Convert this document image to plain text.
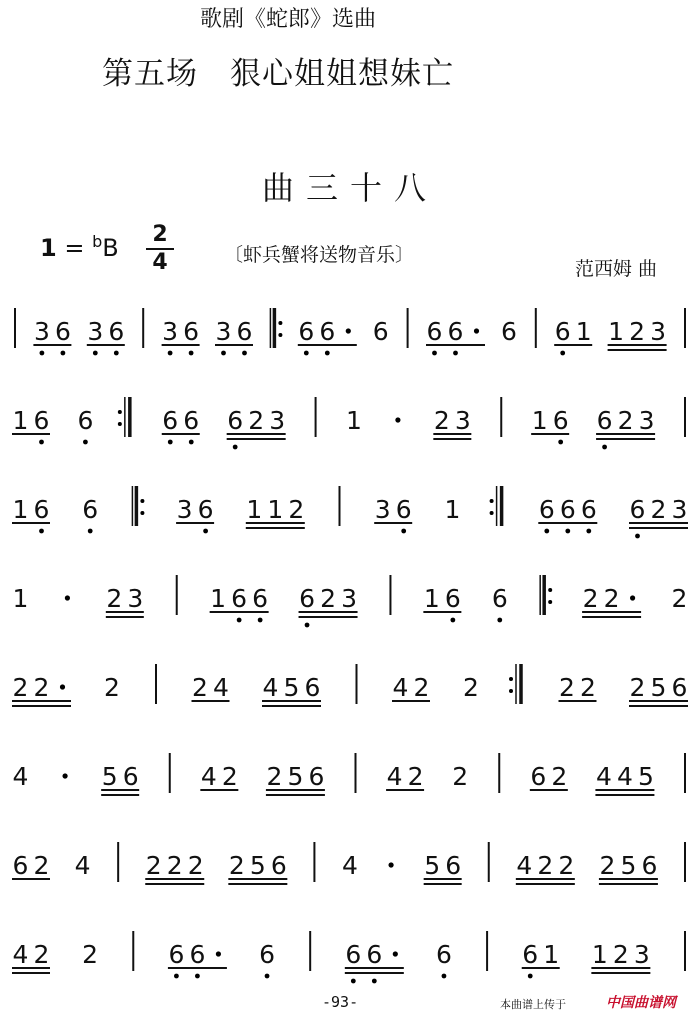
歌剧《蛇郎》选曲
第五场　狠心姐姐想妹亡
曲三十八
1 = $^b$B 2
4	〔虾兵蟹将送物音乐〕
范西姆 曲
3 6 3 6 3 6 3 6 6 6 6 6 6 6 6 1 1 2 3
1 6 6	6 6 6 2 3 1	2 3 1 6 6 2 3
1 6 6	3 6 1 1 2	3 6 1	6 6 6 6 2 3
1	2 3	1 6 6 6 2 3	1 6 6	2 2 2
2 2 2	2 4 4 5 6	4 2 2	2 2 2 5 6
4	5 6 4 2 2 5 6 4 2 2 6 2 4 4 5
6 2 4 2 2 2 2 5 6 4	5 6 4 2 2 2 5 6
4 2 2	6 6 6	6 6 6	6 1 1 2 3
-93-	本曲谱上传于	中国曲谱网
